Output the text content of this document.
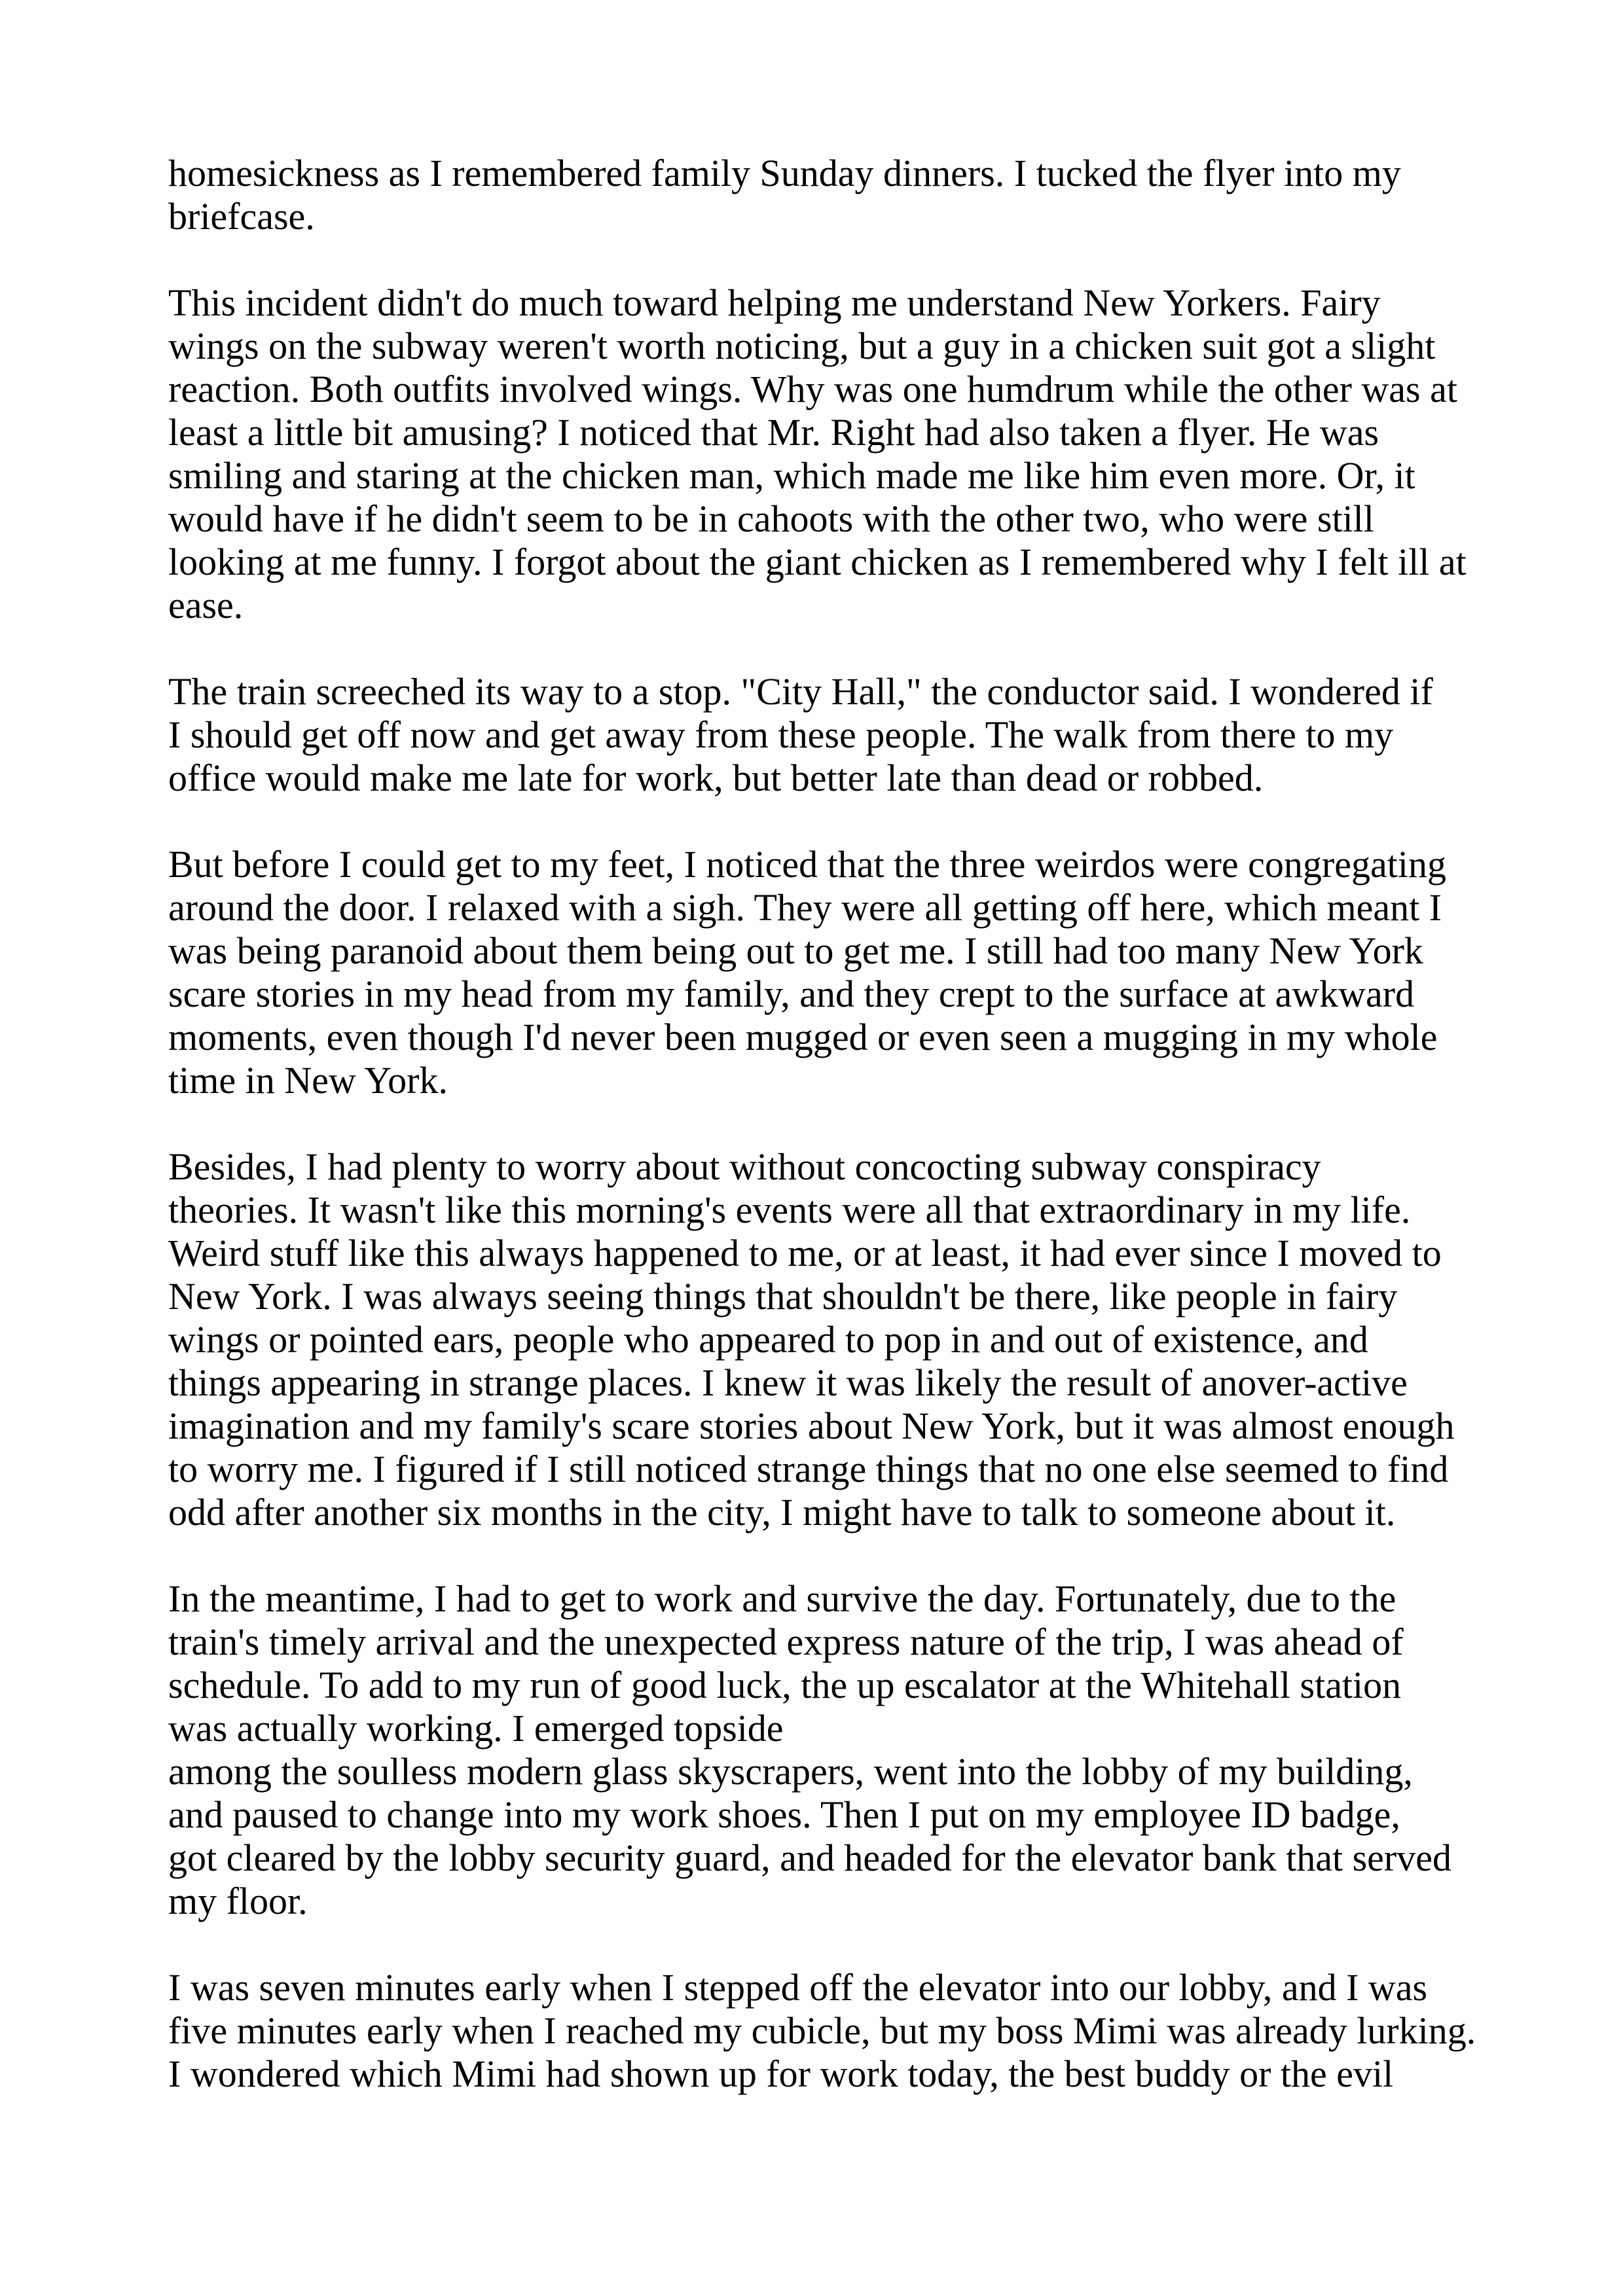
homesickness as I remembered family Sunday dinners. I tucked the flyer into my
briefcase.

This incident didn't do much toward helping me understand New Yorkers. Fairy
wings on the subway weren't worth noticing, but a guy in a chicken suit got a slight
reaction. Both outfits involved wings. Why was one humdrum while the other was at
least a little bit amusing? I noticed that Mr. Right had also taken a flyer. He was
smiling and staring at the chicken man, which made me like him even more. Or, it
would have if he didn't seem to be in cahoots with the other two, who were still
looking at me funny. I forgot about the giant chicken as I remembered why I felt ill at
ease.

The train screeched its way to a stop. "City Hall," the conductor said. I wondered if
I should get off now and get away from these people. The walk from there to my
office would make me late for work, but better late than dead or robbed.

But before I could get to my feet, I noticed that the three weirdos were congregating
around the door. I relaxed with a sigh. They were all getting off here, which meant I
was being paranoid about them being out to get me. I still had too many New York
scare stories in my head from my family, and they crept to the surface at awkward
moments, even though I'd never been mugged or even seen a mugging in my whole
time in New York.

Besides, I had plenty to worry about without concocting subway conspiracy
theories. It wasn't like this morning's events were all that extraordinary in my life.
Weird stuff like this always happened to me, or at least, it had ever since I moved to
New York. I was always seeing things that shouldn't be there, like people in fairy
wings or pointed ears, people who appeared to pop in and out of existence, and
things appearing in strange places. I knew it was likely the result of anover-active
imagination and my family's scare stories about New York, but it was almost enough
to worry me. I figured if I still noticed strange things that no one else seemed to find
odd after another six months in the city, I might have to talk to someone about it.

In the meantime, I had to get to work and survive the day. Fortunately, due to the
train's timely arrival and the unexpected express nature of the trip, I was ahead of
schedule. To add to my run of good luck, the up escalator at the Whitehall station
was actually working. I emerged topside
among the soulless modern glass skyscrapers, went into the lobby of my building,
and paused to change into my work shoes. Then I put on my employee ID badge,
got cleared by the lobby security guard, and headed for the elevator bank that served
my floor.

I was seven minutes early when I stepped off the elevator into our lobby, and I was
five minutes early when I reached my cubicle, but my boss Mimi was already lurking.
I wondered which Mimi had shown up for work today, the best buddy or the evil
